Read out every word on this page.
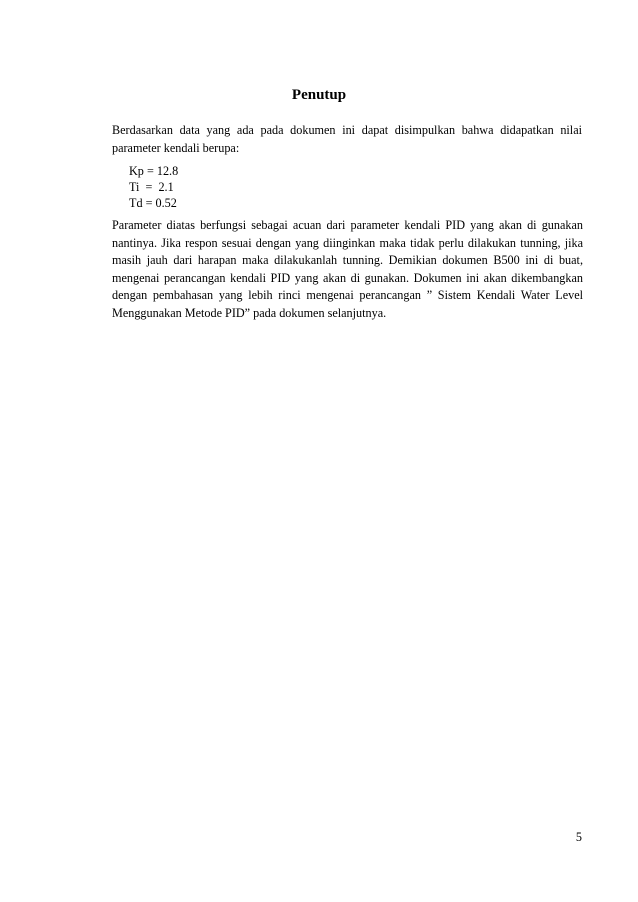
Penutup
Berdasarkan data yang ada pada dokumen ini dapat disimpulkan bahwa didapatkan nilai parameter kendali berupa:
Kp = 12.8
Ti  =  2.1
Td = 0.52
Parameter diatas berfungsi sebagai acuan dari parameter kendali PID yang akan di gunakan nantinya. Jika respon sesuai dengan yang diinginkan maka tidak perlu dilakukan tunning, jika masih jauh dari harapan maka dilakukanlah tunning. Demikian dokumen B500 ini di buat, mengenai perancangan kendali PID yang akan di gunakan. Dokumen ini akan dikembangkan dengan pembahasan yang lebih rinci mengenai perancangan ” Sistem Kendali Water Level Menggunakan Metode PID” pada dokumen selanjutnya.
5
